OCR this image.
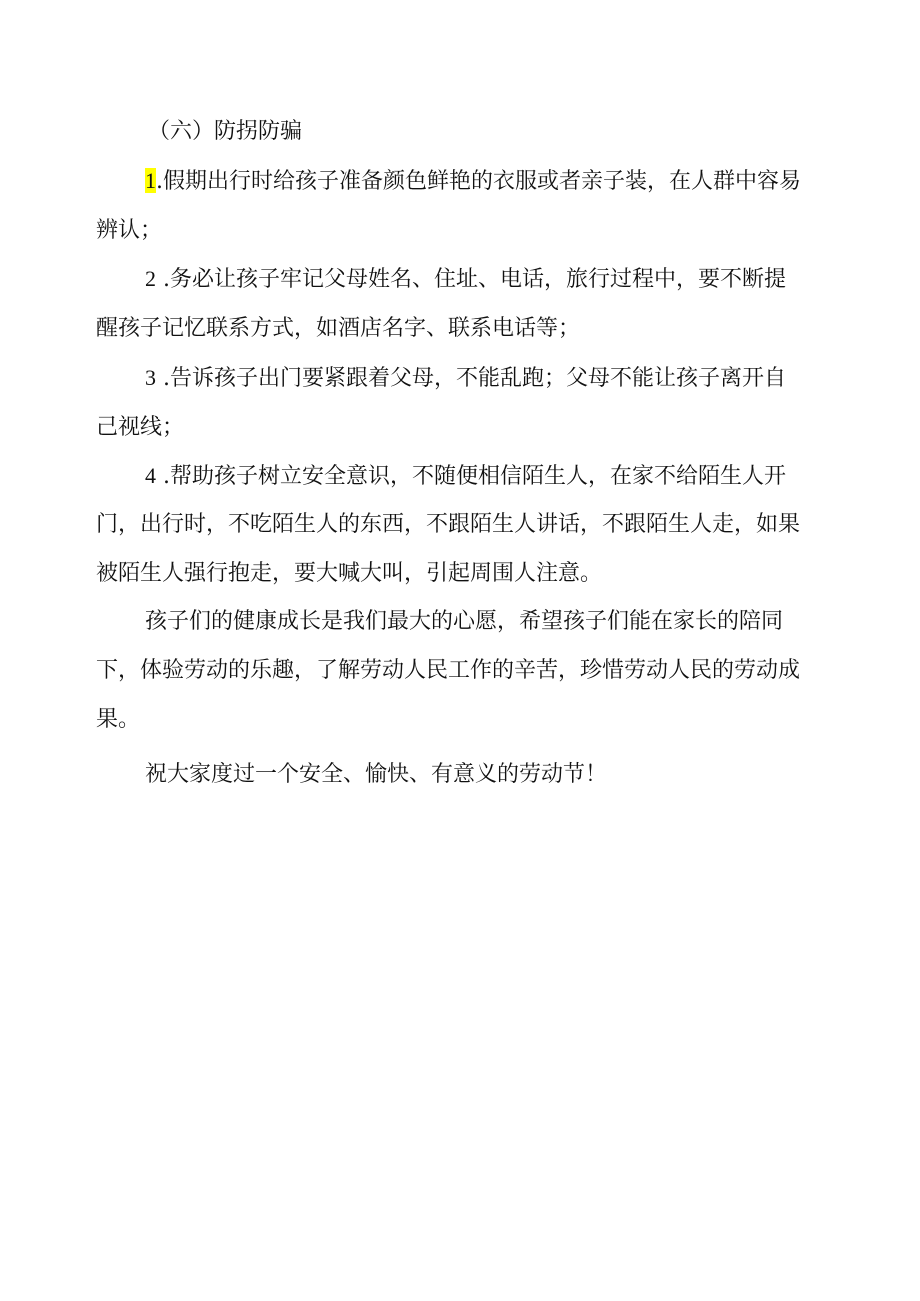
（六）防拐防骗
1.假期出行时给孩子准备颜色鲜艳的衣服或者亲子装，在人群中容易
辨认；
2 .务必让孩子牢记父母姓名、住址、电话，旅行过程中，要不断提
醒孩子记忆联系方式，如酒店名字、联系电话等；
3 .告诉孩子出门要紧跟着父母，不能乱跑；父母不能让孩子离开自
己视线；
4 .帮助孩子树立安全意识，不随便相信陌生人，在家不给陌生人开
门，出行时，不吃陌生人的东西，不跟陌生人讲话，不跟陌生人走，如果
被陌生人强行抱走，要大喊大叫，引起周围人注意。
孩子们的健康成长是我们最大的心愿，希望孩子们能在家长的陪同
下，体验劳动的乐趣，了解劳动人民工作的辛苦，珍惜劳动人民的劳动成
果。
祝大家度过一个安全、愉快、有意义的劳动节！
